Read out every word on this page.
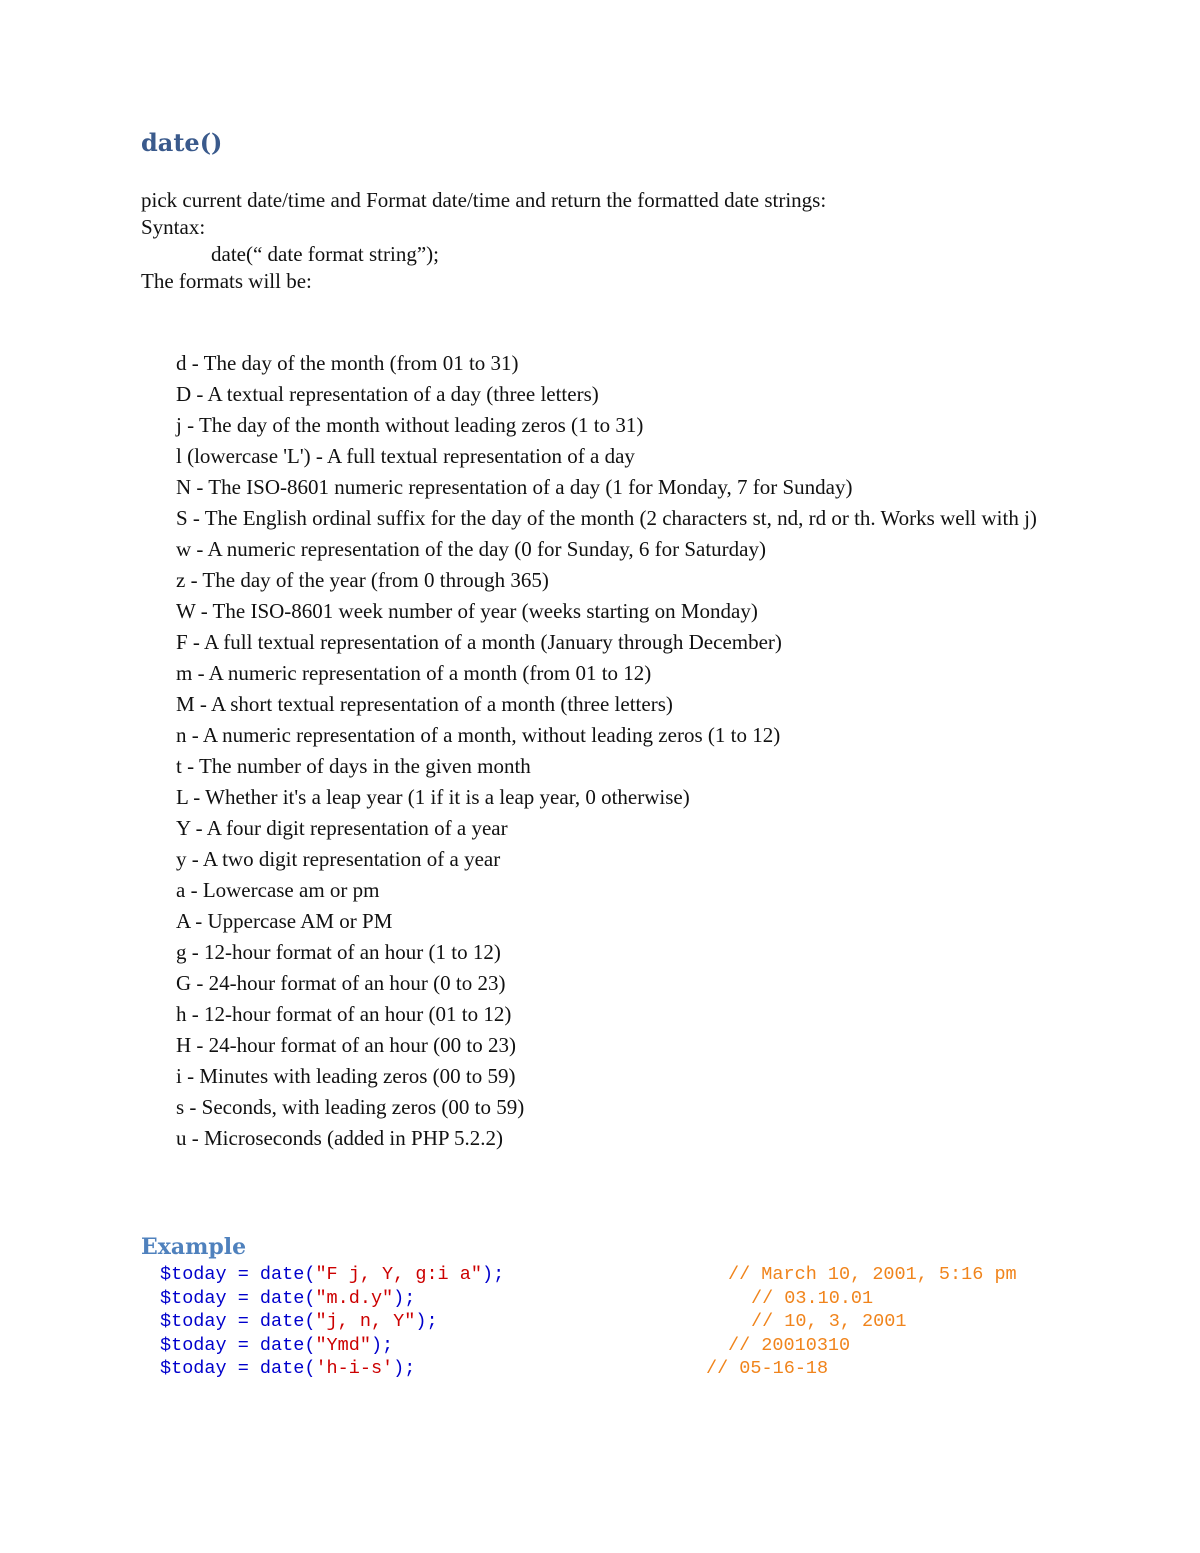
date()
pick current date/time and Format date/time and return the formatted date strings:
Syntax:
date(“ date format string”);
The formats will be:
d - The day of the month (from 01 to 31)
D - A textual representation of a day (three letters)
j - The day of the month without leading zeros (1 to 31)
l (lowercase 'L') - A full textual representation of a day
N - The ISO-8601 numeric representation of a day (1 for Monday, 7 for Sunday)
S - The English ordinal suffix for the day of the month (2 characters st, nd, rd or th. Works well with j)
w - A numeric representation of the day (0 for Sunday, 6 for Saturday)
z - The day of the year (from 0 through 365)
W - The ISO-8601 week number of year (weeks starting on Monday)
F - A full textual representation of a month (January through December)
m - A numeric representation of a month (from 01 to 12)
M - A short textual representation of a month (three letters)
n - A numeric representation of a month, without leading zeros (1 to 12)
t - The number of days in the given month
L - Whether it's a leap year (1 if it is a leap year, 0 otherwise)
Y - A four digit representation of a year
y - A two digit representation of a year
a - Lowercase am or pm
A - Uppercase AM or PM
g - 12-hour format of an hour (1 to 12)
G - 24-hour format of an hour (0 to 23)
h - 12-hour format of an hour (01 to 12)
H - 24-hour format of an hour (00 to 23)
i - Minutes with leading zeros (00 to 59)
s - Seconds, with leading zeros (00 to 59)
u - Microseconds (added in PHP 5.2.2)
Example
$today = date("F j, Y, g:i a");	// March 10, 2001, 5:16 pm
$today = date("m.d.y");	// 03.10.01
$today = date("j, n, Y");	// 10, 3, 2001
$today = date("Ymd");	// 20010310
$today = date('h-i-s');	// 05-16-18
